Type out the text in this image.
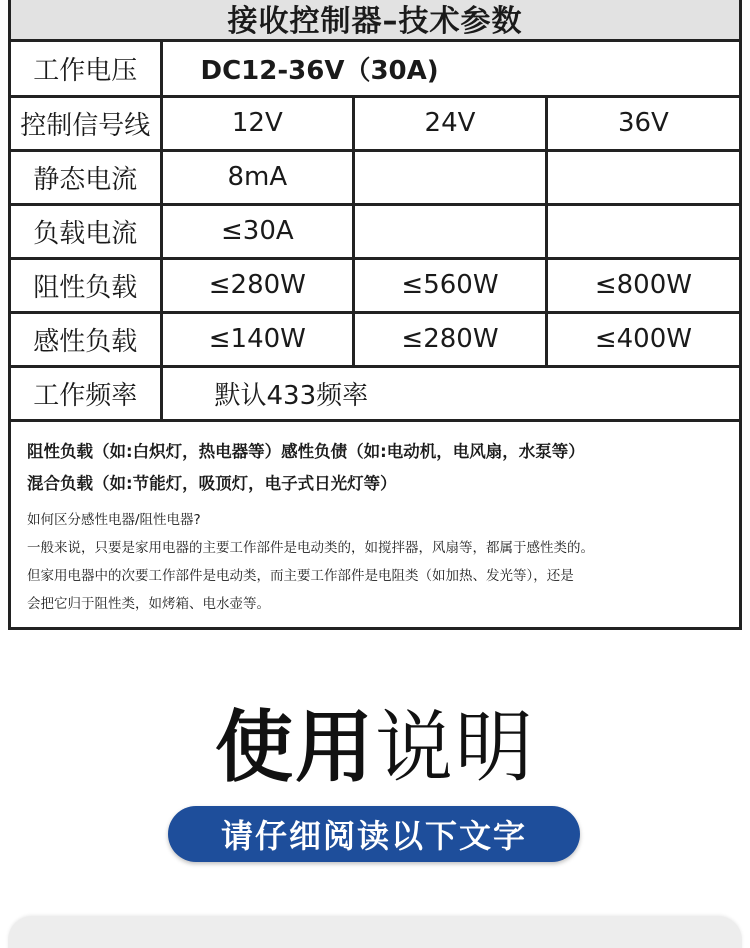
接收控制器–技术参数
工作电压	DC12-36V（30A)		
控制信号线	12V	24V	36V
静态电流	8mA		
负载电流	≤30A		
阻性负载	≤280W	≤560W	≤800W
感性负载	≤140W	≤280W	≤400W
工作频率	默认433频率		
阻性负载（如:白炽灯，热电器等）感性负债（如:电动机，电风扇，水泵等）
混合负载（如:节能灯，吸顶灯，电子式日光灯等）
如何区分感性电器/阻性电器?
一般来说，只要是家用电器的主要工作部件是电动类的，如搅拌器，风扇等，都属于感性类的。
但家用电器中的次要工作部件是电动类，而主要工作部件是电阻类（如加热、发光等），还是
会把它归于阻性类，如烤箱、电水壶等。
使用说明
请仔细阅读以下文字
